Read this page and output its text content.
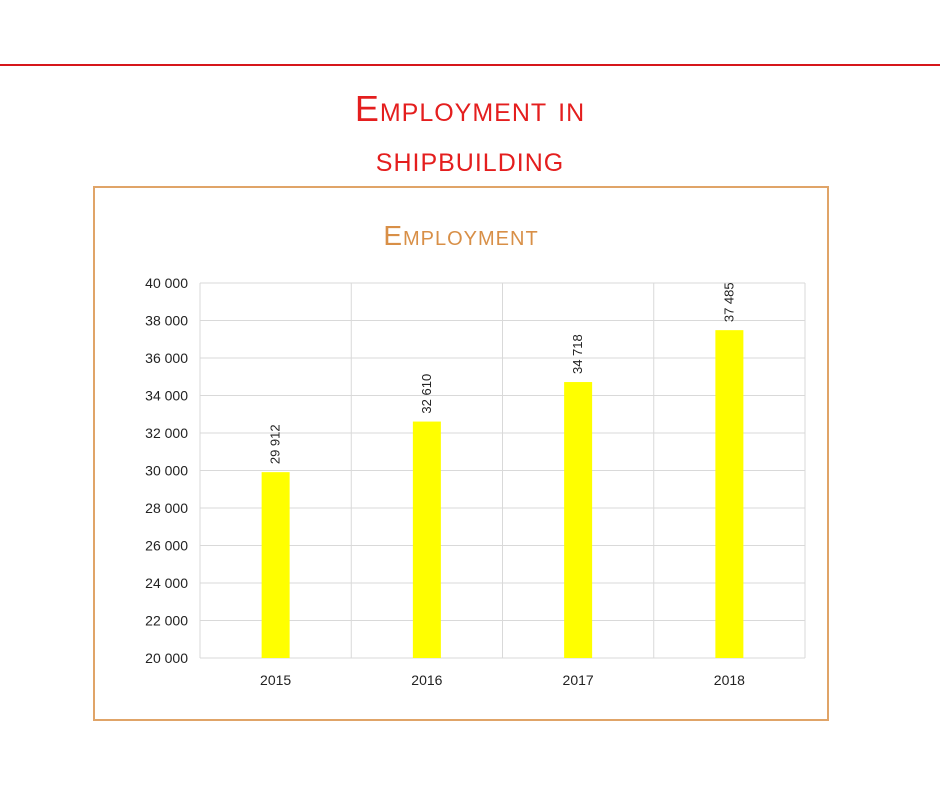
Employment in
shipbuilding
Employment
20 000
22 000
24 000
26 000
28 000
30 000
32 000
34 000
36 000
38 000
40 000
29 912
2015
32 610
2016
34 718
2017
37 485
2018
